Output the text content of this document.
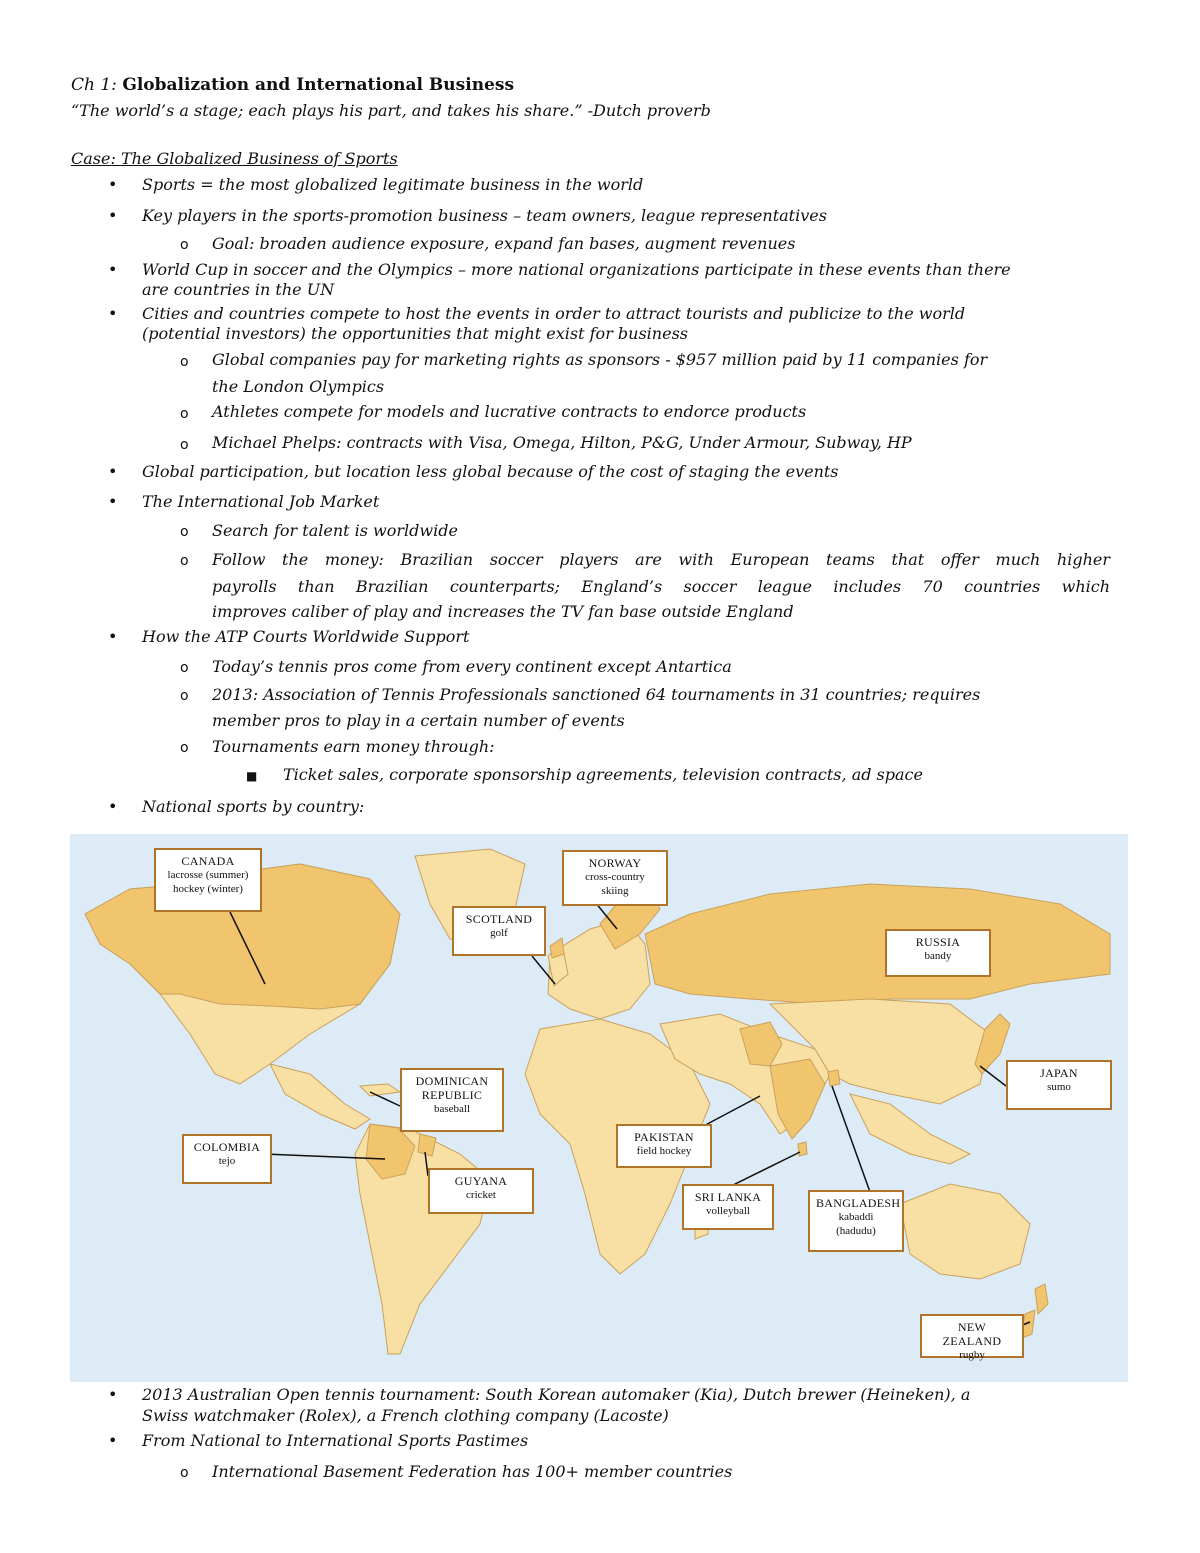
Ch 1: Globalization and International Business
“The world’s a stage; each plays his part, and takes his share.” -Dutch proverb
Case: The Globalized Business of Sports
• Sports = the most globalized legitimate business in the world
• Key players in the sports-promotion business – team owners, league representatives
o Goal: broaden audience exposure, expand fan bases, augment revenues
• World Cup in soccer and the Olympics – more national organizations participate in these events than there
are countries in the UN
• Cities and countries compete to host the events in order to attract tourists and publicize to the world
(potential investors) the opportunities that might exist for business
o Global companies pay for marketing rights as sponsors - $957 million paid by 11 companies for
the London Olympics
o Athletes compete for models and lucrative contracts to endorce products
o Michael Phelps: contracts with Visa, Omega, Hilton, P&G, Under Armour, Subway, HP
• Global participation, but location less global because of the cost of staging the events
• The International Job Market
o Search for talent is worldwide
o Follow the money: Brazilian soccer players are with European teams that offer much higher
payrolls than Brazilian counterparts; England’s soccer league includes 70 countries which
improves caliber of play and increases the TV fan base outside England
• How the ATP Courts Worldwide Support
o Today’s tennis pros come from every continent except Antartica
o 2013: Association of Tennis Professionals sanctioned 64 tournaments in 31 countries; requires
member pros to play in a certain number of events
o Tournaments earn money through:
■ Ticket sales, corporate sponsorship agreements, television contracts, ad space
• National sports by country:
CANADA
lacrosse (summer)
hockey (winter)
NORWAY
cross-country
skiing
SCOTLAND
golf
RUSSIA
bandy
JAPAN
sumo
DOMINICAN REPUBLIC
baseball
COLOMBIA
tejo
GUYANA
cricket
PAKISTAN
field hockey
SRI LANKA
volleyball
BANGLADESH
kabaddi
(hadudu)
NEW ZEALAND
rugby
• 2013 Australian Open tennis tournament: South Korean automaker (Kia), Dutch brewer (Heineken), a
Swiss watchmaker (Rolex), a French clothing company (Lacoste)
• From National to International Sports Pastimes
o International Basement Federation has 100+ member countries
